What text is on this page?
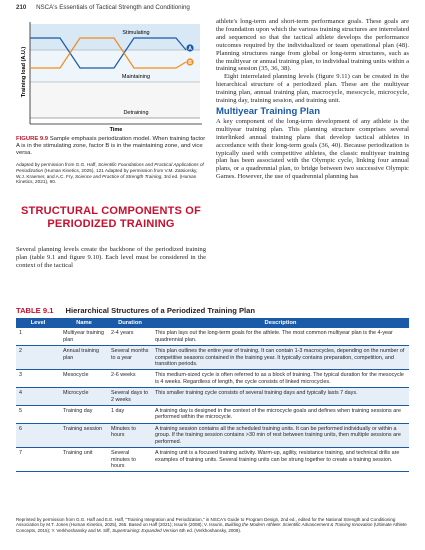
210 NSCA's Essentials of Tactical Strength and Conditioning
A
B
Stimulating
Maintaining
Detraining
Training load (A.U.)
Time
FIGURE 9.9 Sample emphasis periodization model. When training factor A is in the stimulating zone, factor B is in the maintaining zone, and vice versa.
Adapted by permission from G.G. Haff, Scientific Foundations and Practical Applications of Periodization (Human Kinetics, 2025), 121 Adapted by permission from V.M. Zatsiorsky, W.J. Kraemer, and A.C. Fry, Science and Practice of Strength Training, 3rd ed. (Human Kinetics, 2021), 90.
STRUCTURAL COMPONENTS OF PERIODIZED TRAINING
Several planning levels create the backbone of the periodized training plan (table 9.1 and figure 9.10). Each level must be considered in the context of the tactical

athlete's long-term and short-term performance goals. These goals are the foundation upon which the various training structures are interrelated and sequenced so that the tactical athlete develops the performance outcomes required by the individualized or team operational plan (48). Planning structures range from global or long-term structures, such as the multiyear or annual training plan, to individual training units within a training session (35, 36, 38).

Eight interrelated planning levels (figure 9.11) can be created in the hierarchical structure of a periodized plan. These are the multiyear training plan, annual training plan, macrocycle, mesocycle, microcycle, training day, training session, and training unit.

Multiyear Training Plan

A key component of the long-term development of any athlete is the multiyear training plan. This planning structure comprises several interlinked annual training plans that develop tactical athletes in accordance with their long-term goals (36, 40). Because periodization is typically used with competitive athletes, the classic multiyear training plan has been associated with the Olympic cycle, linking four annual plans, or a quadrennial plan, to bridge between two successive Olympic Games. However, the use of quadrennial planning has

TABLE 9.1 Hierarchical Structures of a Periodized Training Plan
Level	Name	Duration	Description
1	Multiyear training plan	2-4 years	This plan lays out the long-term goals for the athlete. The most common multiyear plan is the 4-year quadrennial plan.
2	Annual training plan	Several months to a year	This plan outlines the entire year of training. It can contain 1-3 macrocycles, depending on the number of competitive seasons contained in the training year. It typically contains preparation, competition, and transition periods.
3	Mesocycle	2-6 weeks	This medium-sized cycle is often referred to as a block of training. The typical duration for the mesocycle is 4 weeks. Regardless of length, the cycle consists of linked microcycles.
4	Microcycle	Several days to 2 weeks	This smaller training cycle consists of several training days and typically lasts 7 days.
5	Training day	1 day	A training day is designed in the context of the microcycle goals and defines when training sessions are performed within the microcycle.
6	Training session	Minutes to hours	A training session contains all the scheduled training units. It can be performed individually or within a group. If the training session contains >30 min of rest between training units, then multiple sessions are performed.
7	Training unit	Several minutes to hours	A training unit is a focused training activity. Warm-up, agility, resistance training, and technical drills are examples of training units. Several training units can be strung together to create a training session.
Reprinted by permission from G.G. Haff and E.E. Haff, "Training Integration and Periodization," in NSCA's Guide to Program Design, 2nd ed., edited for the National Strength and Conditioning Association by M.T. Jones (Human Kinetics, 2025), 265. Based on Haff (2021); Issurin (2008); V. Issurin, Building the Modern Athlete: Scientific Advancement & Training Innovation (Ultimate Athlete Concepts, 2015); Y. Verkhoshansky and M. Siff, Supertraining: Expanded Version 6th ed. (Verkhoshansky, 2009).
